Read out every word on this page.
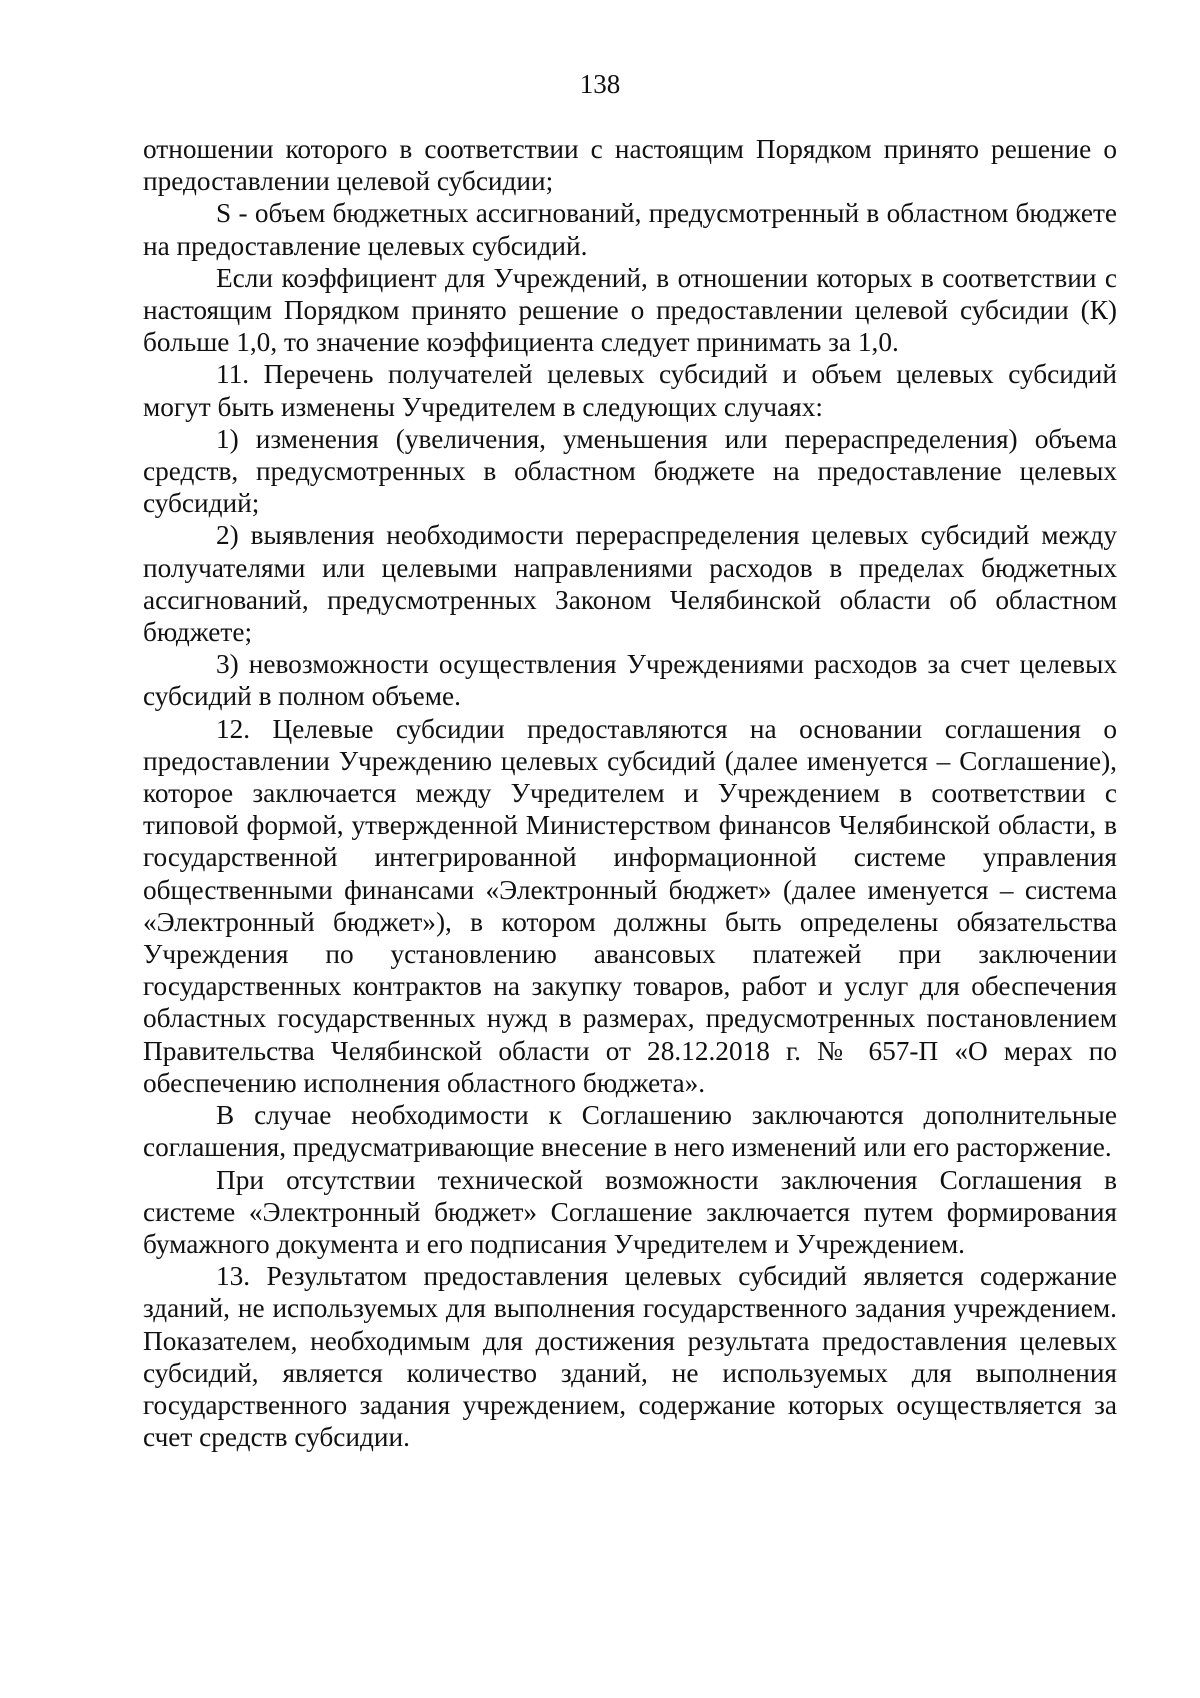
138

отношении которого в соответствии с настоящим Порядком принято решение о предоставлении целевой субсидии;

S - объем бюджетных ассигнований, предусмотренный в областном бюджете на предоставление целевых субсидий.

Если коэффициент для Учреждений, в отношении которых в соответствии с настоящим Порядком принято решение о предоставлении целевой субсидии (К) больше 1,0, то значение коэффициента следует принимать за 1,0.

11. Перечень получателей целевых субсидий и объем целевых субсидий могут быть изменены Учредителем в следующих случаях:

1) изменения (увеличения, уменьшения или перераспределения) объема средств, предусмотренных в областном бюджете на предоставление целевых субсидий;

2) выявления необходимости перераспределения целевых субсидий между получателями или целевыми направлениями расходов в пределах бюджетных ассигнований, предусмотренных Законом Челябинской области об областном бюджете;

3) невозможности осуществления Учреждениями расходов за счет целевых субсидий в полном объеме.

12. Целевые субсидии предоставляются на основании соглашения о предоставлении Учреждению целевых субсидий (далее именуется – Соглашение), которое заключается между Учредителем и Учреждением в соответствии с типовой формой, утвержденной Министерством финансов Челябинской области, в государственной интегрированной информационной системе управления общественными финансами «Электронный бюджет» (далее именуется – система «Электронный бюджет»), в котором должны быть определены обязательства Учреждения по установлению авансовых платежей при заключении государственных контрактов на закупку товаров, работ и услуг для обеспечения областных государственных нужд в размерах, предусмотренных постановлением Правительства Челябинской области от 28.12.2018 г. № 657-П «О мерах по обеспечению исполнения областного бюджета».

В случае необходимости к Соглашению заключаются дополнительные соглашения, предусматривающие внесение в него изменений или его расторжение.

При отсутствии технической возможности заключения Соглашения в системе «Электронный бюджет» Соглашение заключается путем формирования бумажного документа и его подписания Учредителем и Учреждением.

13. Результатом предоставления целевых субсидий является содержание зданий, не используемых для выполнения государственного задания учреждением. Показателем, необходимым для достижения результата предоставления целевых субсидий, является количество зданий, не используемых для выполнения государственного задания учреждением, содержание которых осуществляется за счет средств субсидии.
